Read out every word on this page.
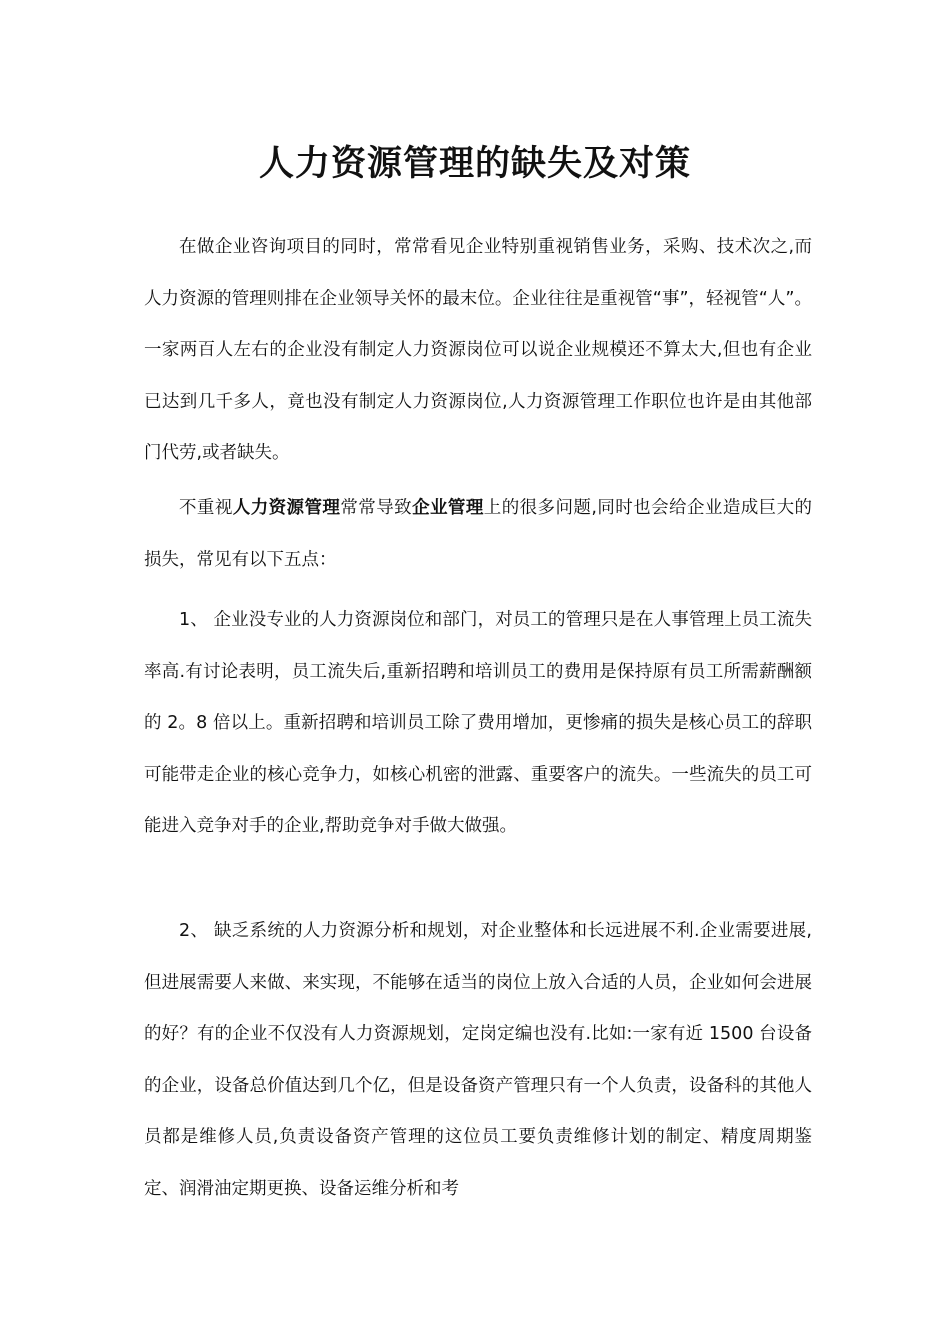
人力资源管理的缺失及对策

在做企业咨询项目的同时，常常看见企业特别重视销售业务，采购、技术次之,而人力资源的管理则排在企业领导关怀的最末位。企业往往是重视管“事”，轻视管“人”。一家两百人左右的企业没有制定人力资源岗位可以说企业规模还不算太大,但也有企业已达到几千多人，竟也没有制定人力资源岗位,人力资源管理工作职位也许是由其他部门代劳,或者缺失。

不重视人力资源管理常常导致企业管理上的很多问题,同时也会给企业造成巨大的损失，常见有以下五点：

1、 企业没专业的人力资源岗位和部门，对员工的管理只是在人事管理上员工流失率高.有讨论表明，员工流失后,重新招聘和培训员工的费用是保持原有员工所需薪酬额的 2。8 倍以上。重新招聘和培训员工除了费用增加，更惨痛的损失是核心员工的辞职可能带走企业的核心竞争力，如核心机密的泄露、重要客户的流失。一些流失的员工可能进入竞争对手的企业,帮助竞争对手做大做强。

2、 缺乏系统的人力资源分析和规划，对企业整体和长远进展不利.企业需要进展,但进展需要人来做、来实现，不能够在适当的岗位上放入合适的人员，企业如何会进展的好？有的企业不仅没有人力资源规划，定岗定编也没有.比如:一家有近 1500 台设备的企业，设备总价值达到几个亿，但是设备资产管理只有一个人负责，设备科的其他人员都是维修人员,负责设备资产管理的这位员工要负责维修计划的制定、精度周期鉴定、润滑油定期更换、设备运维分析和考
